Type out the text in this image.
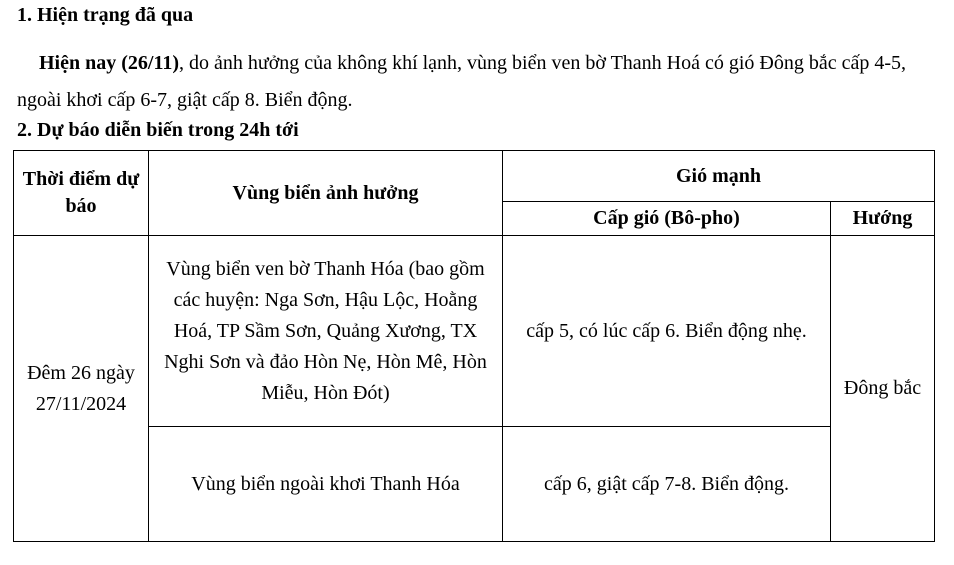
1. Hiện trạng đã qua

Hiện nay (26/11), do ảnh hưởng của không khí lạnh, vùng biển ven bờ Thanh Hoá có gió Đông bắc cấp 4-5, ngoài khơi cấp 6-7, giật cấp 8. Biển động.

2. Dự báo diễn biến trong 24h tới
Thời điểm dự báo	Vùng biển ảnh hưởng	Gió mạnh	
		Cấp gió (Bô-pho)	Hướng
Đêm 26 ngày 27/11/2024	Vùng biển ven bờ Thanh Hóa (bao gồm các huyện: Nga Sơn, Hậu Lộc, Hoằng Hoá, TP Sầm Sơn, Quảng Xương, TX Nghi Sơn và đảo Hòn Nẹ, Hòn Mê, Hòn Miễu, Hòn Đót)	cấp 5, có lúc cấp 6. Biển động nhẹ.	Đông bắc
	Vùng biển ngoài khơi Thanh Hóa	cấp 6, giật cấp 7-8. Biển động.	
